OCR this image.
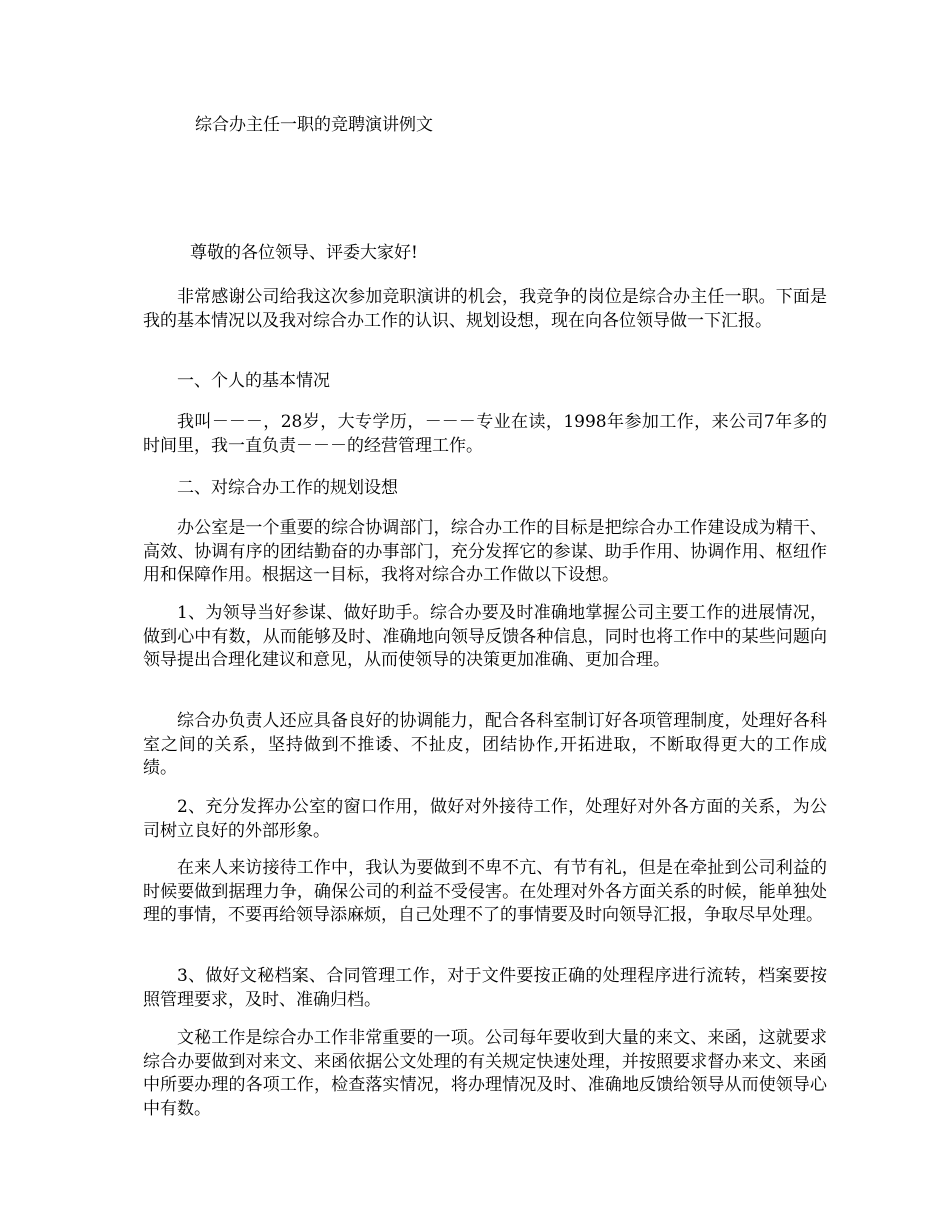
综合办主任一职的竞聘演讲例文
尊敬的各位领导、评委大家好!

非常感谢公司给我这次参加竞职演讲的机会，我竞争的岗位是综合办主任一职。下面是我的基本情况以及我对综合办工作的认识、规划设想，现在向各位领导做一下汇报。

一、个人的基本情况

我叫－－－，28岁，大专学历，－－－专业在读，1998年参加工作，来公司7年多的时间里，我一直负责－－－的经营管理工作。

二、对综合办工作的规划设想

办公室是一个重要的综合协调部门，综合办工作的目标是把综合办工作建设成为精干、高效、协调有序的团结勤奋的办事部门，充分发挥它的参谋、助手作用、协调作用、枢纽作用和保障作用。根据这一目标，我将对综合办工作做以下设想。

1、为领导当好参谋、做好助手。综合办要及时准确地掌握公司主要工作的进展情况，做到心中有数，从而能够及时、准确地向领导反馈各种信息，同时也将工作中的某些问题向领导提出合理化建议和意见，从而使领导的决策更加准确、更加合理。

综合办负责人还应具备良好的协调能力，配合各科室制订好各项管理制度，处理好各科室之间的关系，坚持做到不推诿、不扯皮，团结协作,开拓进取，不断取得更大的工作成绩。

2、充分发挥办公室的窗口作用，做好对外接待工作，处理好对外各方面的关系，为公司树立良好的外部形象。

在来人来访接待工作中，我认为要做到不卑不亢、有节有礼，但是在牵扯到公司利益的时候要做到据理力争，确保公司的利益不受侵害。在处理对外各方面关系的时候，能单独处理的事情，不要再给领导添麻烦，自己处理不了的事情要及时向领导汇报，争取尽早处理。

3、做好文秘档案、合同管理工作，对于文件要按正确的处理程序进行流转，档案要按照管理要求，及时、准确归档。

文秘工作是综合办工作非常重要的一项。公司每年要收到大量的来文、来函，这就要求综合办要做到对来文、来函依据公文处理的有关规定快速处理，并按照要求督办来文、来函中所要办理的各项工作，检查落实情况，将办理情况及时、准确地反馈给领导从而使领导心中有数。
